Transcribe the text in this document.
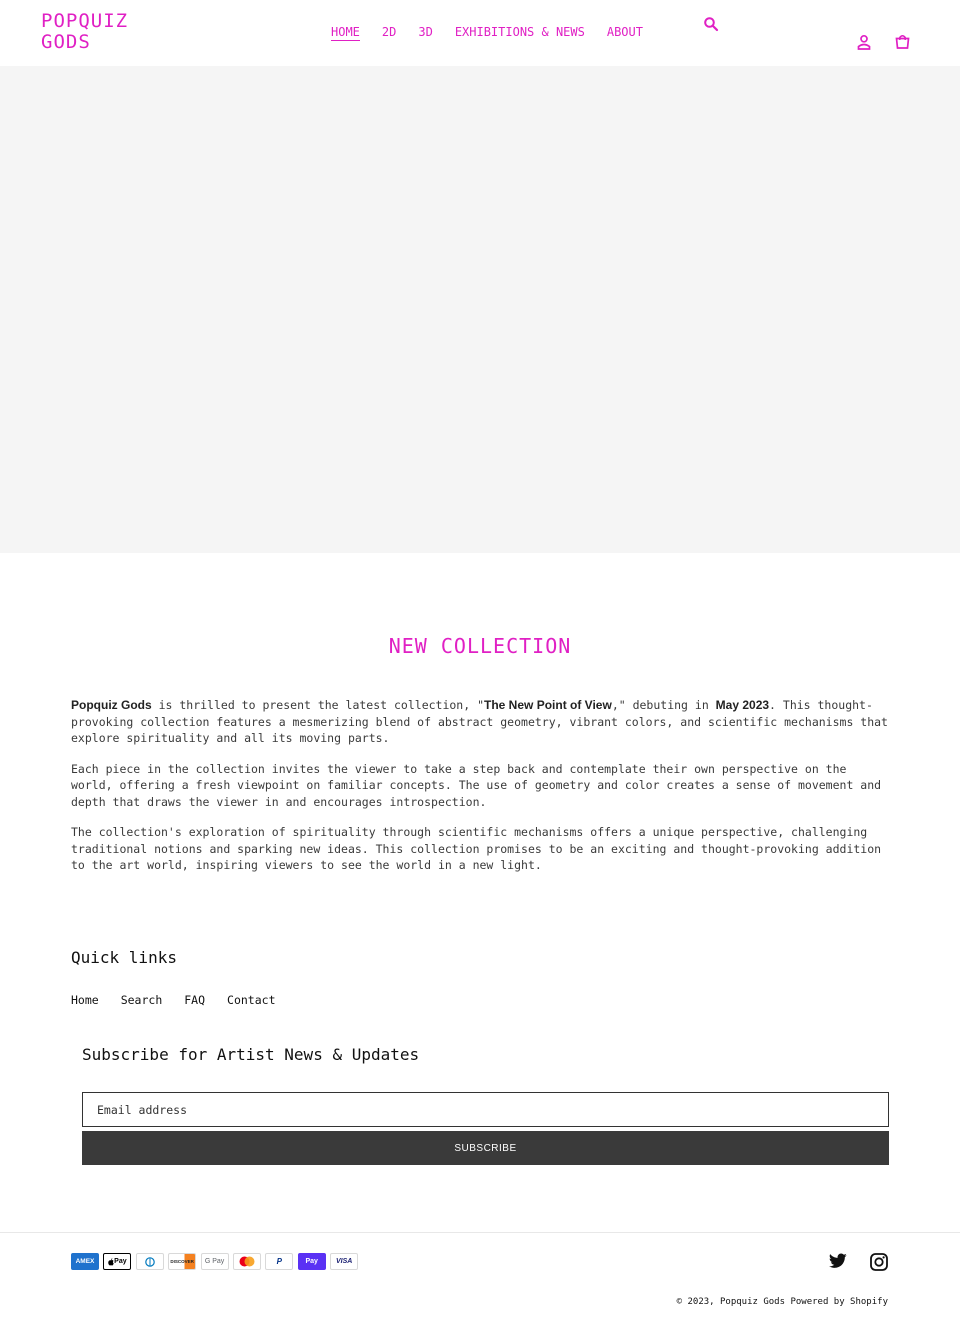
POPQUIZ GODS	HOME 2D 3D EXHIBITIONS & NEWS ABOUT
NEW COLLECTION

Popquiz Gods is thrilled to present the latest collection, "The New Point of View," debuting in May 2023. This thought-provoking collection features a mesmerizing blend of abstract geometry, vibrant colors, and scientific mechanisms that explore spirituality and all its moving parts.

Each piece in the collection invites the viewer to take a step back and contemplate their own perspective on the world, offering a fresh viewpoint on familiar concepts. The use of geometry and color creates a sense of movement and depth that draws the viewer in and encourages introspection.

The collection's exploration of spirituality through scientific mechanisms offers a unique perspective, challenging traditional notions and sparking new ideas. This collection promises to be an exciting and thought-provoking addition to the art world, inspiring viewers to see the world in a new light.

Quick links
Home Search FAQ Contact
Subscribe for Artist News & Updates
Email address
SUBSCRIBE
AMEX	Pay	DISCOVER	G Pay	P	Pay	VISA
© 2023, Popquiz Gods Powered by Shopify
